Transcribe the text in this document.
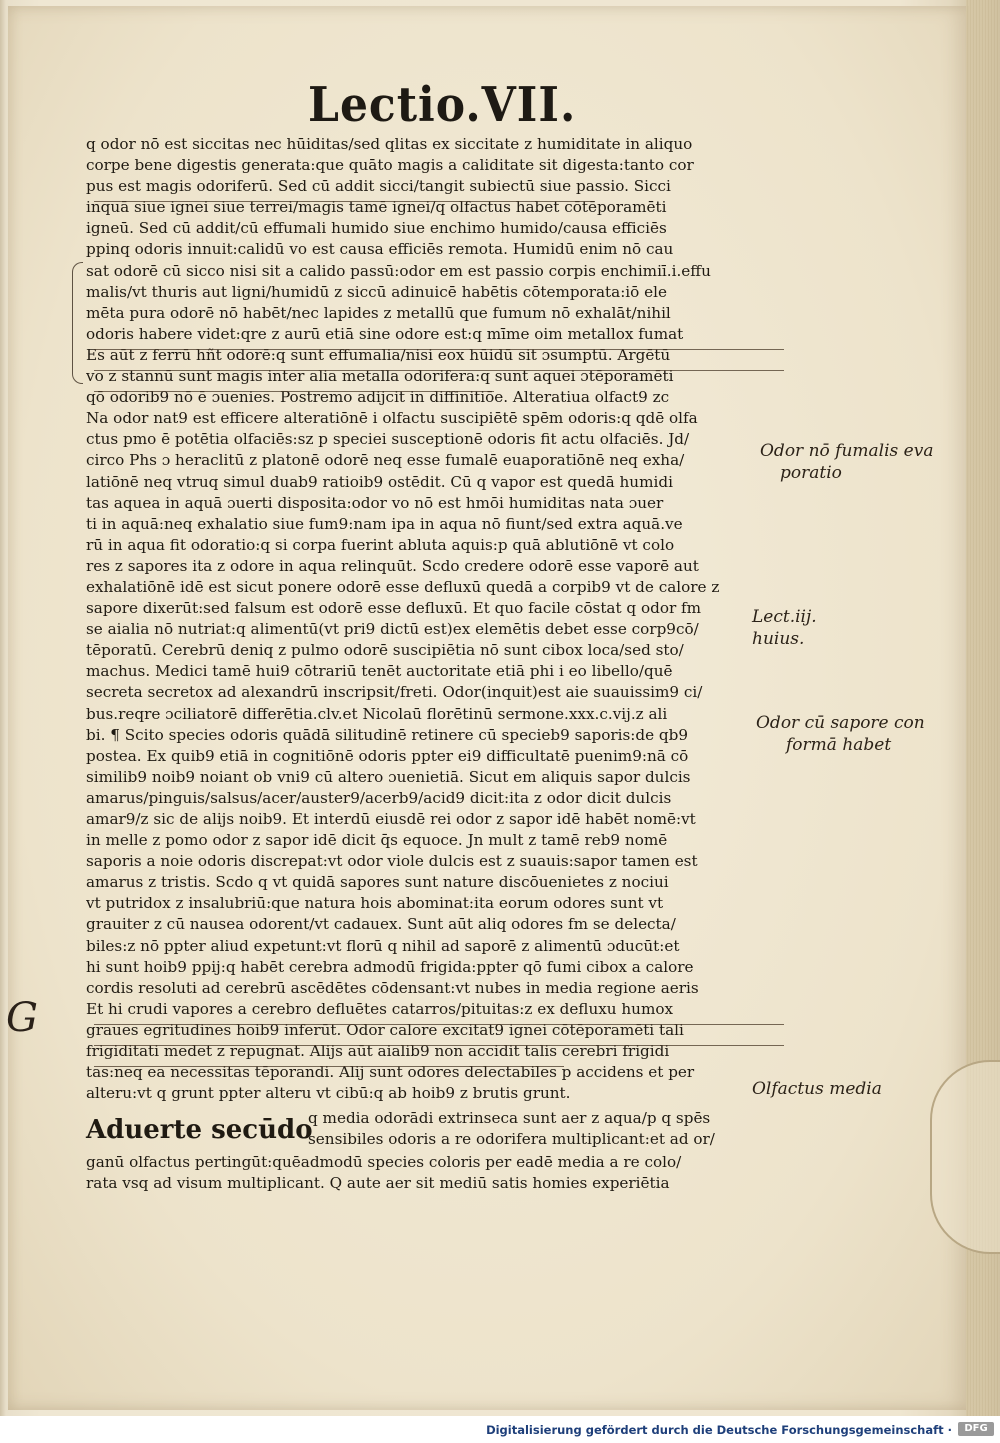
Lectio.VII.
q odor nō est siccitas nec hūiditas/sed qlitas ex siccitate z humiditate in aliquo
corpe bene digestis generata:que quāto magis a caliditate sit digesta:tanto cor
pus est magis odoriferū. Sed cū addit sicci/tangit subiectū siue passio. Sicci
inquā siue ignei siue terrei/magis tamē ignei/q olfactus habet cōtēporamēti
igneū. Sed cū addit/cū effumali humido siue enchimo humido/causa efficiēs
ppinq odoris innuit:calidū vo est causa efficiēs remota. Humidū enim nō cau
sat odorē cū sicco nisi sit a calido passū:odor em est passio corpis enchimiī.i.effu
malis/vt thuris aut ligni/humidū z siccū adinuicē habētis cōtemporata:iō ele
mēta pura odorē nō habēt/nec lapides z metallū que fumum nō exhalāt/nihil
odoris habere videt:qre z aurū etiā sine odore est:q mīme oim metallox fumat
Es aūt z ferrū hñt odorē:q sunt effumalia/nisi eox hūidū sit ɔsumptū. Argētū
vo z stannū sunt magis inter alia metalla odorifera:q sunt aquei ɔtēporamēti
qō odorib9 nō ē ɔuenies. Postremo adijcit in diffinitiōe. Alteratiua olfact9 zc
Na odor nat9 est efficere alteratiōnē i olfactu suscipiētē spēm odoris:q qdē olfa
ctus pmo ē potētia olfaciēs:sz p speciei susceptionē odoris fit actu olfaciēs. Jd/
circo Phs ɔ heraclitū z platonē odorē neq esse fumalē euaporatiōnē neq exha/
latiōnē neq vtruq simul duab9 ratioib9 ostēdit. Cū q vapor est quedā humidi
tas aquea in aquā ɔuerti disposita:odor vo nō est hmōi humiditas nata ɔuer
ti in aquā:neq exhalatio siue fum9:nam ipa in aqua nō fiunt/sed extra aquā.ve
rū in aqua fit odoratio:q si corpa fuerint abluta aquis:p quā ablutiōnē vt colo
res z sapores ita z odore in aqua relinquūt. Scdo credere odorē esse vaporē aut
exhalatiōnē idē est sicut ponere odorē esse defluxū quedā a corpib9 vt de calore z
sapore dixerūt:sed falsum est odorē esse defluxū. Et quo facile cōstat q odor fm
se aialia nō nutriat:q alimentū(vt pri9 dictū est)ex elemētis debet esse corp9cō/
tēporatū. Cerebrū deniq z pulmo odorē suscipiētia nō sunt cibox loca/sed sto/
machus. Medici tamē hui9 cōtrariū tenēt auctoritate etiā phi i eo libello/quē
secreta secretox ad alexandrū inscripsit/freti. Odor(inquit)est aie suauissim9 ci/
bus.reqre ɔciliatorē differētia.clv.et Nicolaū florētinū sermone.xxx.c.vij.z ali
bi. ¶ Scito species odoris quādā silitudinē retinere cū specieb9 saporis:de qb9
postea. Ex quib9 etiā in cognitiōnē odoris ppter ei9 difficultatē puenim9:nā cō
similib9 noib9 noiant ob vni9 cū altero ɔuenietiā. Sicut em aliquis sapor dulcis
amarus/pinguis/salsus/acer/auster9/acerb9/acid9 dicit:ita z odor dicit dulcis
amar9/z sic de alijs noib9. Et interdū eiusdē rei odor z sapor idē habēt nomē:vt
in melle z pomo odor z sapor idē dicit q̄s equoce. Jn mult z tamē reb9 nomē
saporis a noie odoris discrepat:vt odor viole dulcis est z suauis:sapor tamen est
amarus z tristis. Scdo q vt quidā sapores sunt nature discōuenietes z nociui
vt putridox z insalubriū:que natura hois abominat:ita eorum odores sunt vt
grauiter z cū nausea odorent/vt cadauex. Sunt aūt aliq odores fm se delecta/
biles:z nō ppter aliud expetunt:vt florū q nihil ad saporē z alimentū ɔducūt:et
hi sunt hoib9 ppij:q habēt cerebra admodū frigida:ppter qō fumi cibox a calore
cordis resoluti ad cerebrū ascēdētes cōdensant:vt nubes in media regione aeris
Et hi crudi vapores a cerebro defluētes catarros/pituitas:z ex defluxu humox
graues egritudines hoib9 inferūt. Odor calore excitat9 ignei cōtēporamēti tali
frigiditati medet z repugnat. Alijs aūt aialib9 non accidit talis cerebri frigidi
tas:neq ea necessitas tēporandi. Alij sunt odores delectabiles p accidens et per
alteru:vt q grunt ppter alteru vt cibū:q ab hoib9 z brutis grunt.
Aduerte secūdo
q media odorādi extrinseca sunt aer z aqua/p q spēs
sensibiles odoris a re odorifera multiplicant:et ad or/
ganū olfactus pertingūt:quēadmodū species coloris per eadē media a re colo/
rata vsq ad visum multiplicant. Q aute aer sit mediū satis homies experiētia
G
Odor nō fumalis eva
poratio
Lect.iij.
huius.
Odor cū sapore con
formā habet
Olfactus media
Digitalisierung gefördert durch die Deutsche Forschungsgemeinschaft ·	DFG
